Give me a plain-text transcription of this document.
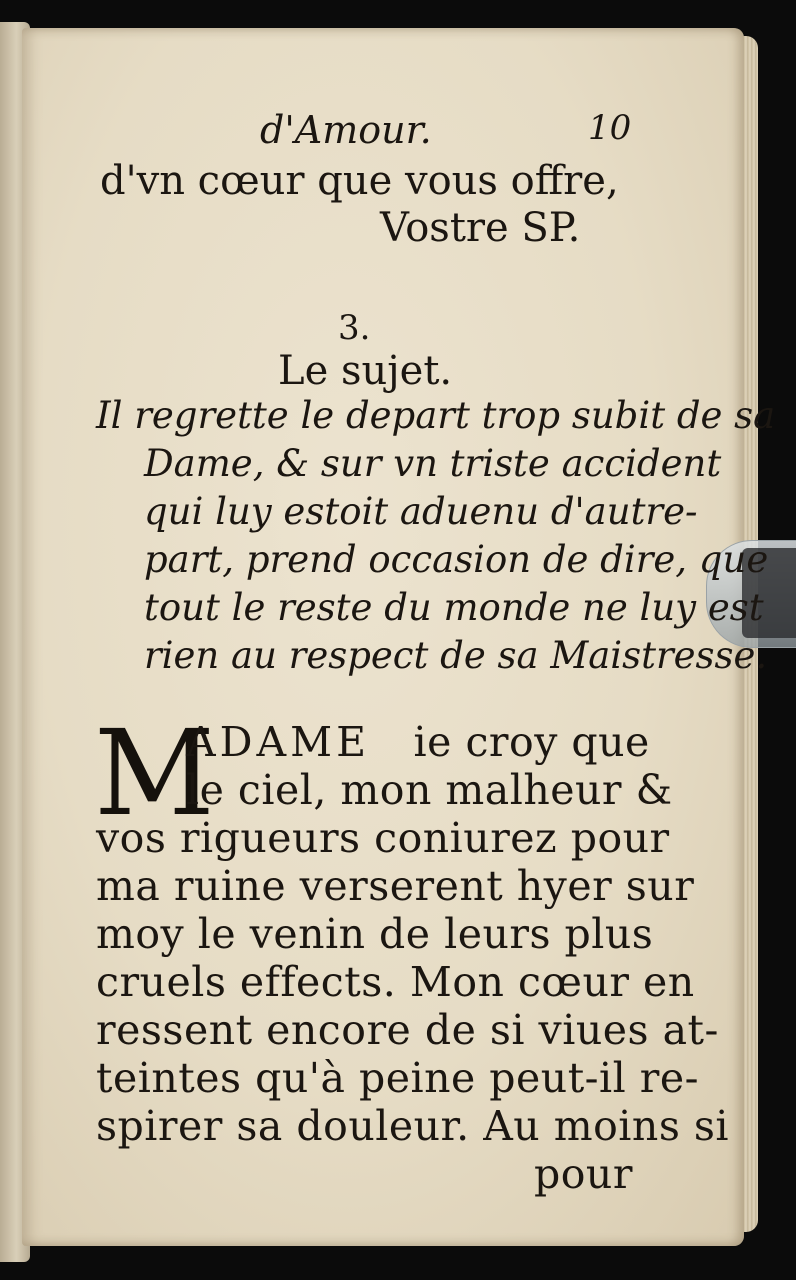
d'Amour.	10
d'vn cœur que vous offre,
Vostre SP.
3.
Le sujet.
Il regrette le depart trop subit de sa
Dame, & sur vn triste accident
qui luy estoit aduenu d'autre-
part, prend occasion de dire, que
tout le reste du monde ne luy est
rien au respect de sa Maistresse.
M
ADAME ie croy que
le ciel, mon malheur &
vos rigueurs coniurez pour
ma ruine verserent hyer sur
moy le venin de leurs plus
cruels effects. Mon cœur en
ressent encore de si viues at-
teintes qu'à peine peut-il re-
spirer sa douleur. Au moins si
pour
